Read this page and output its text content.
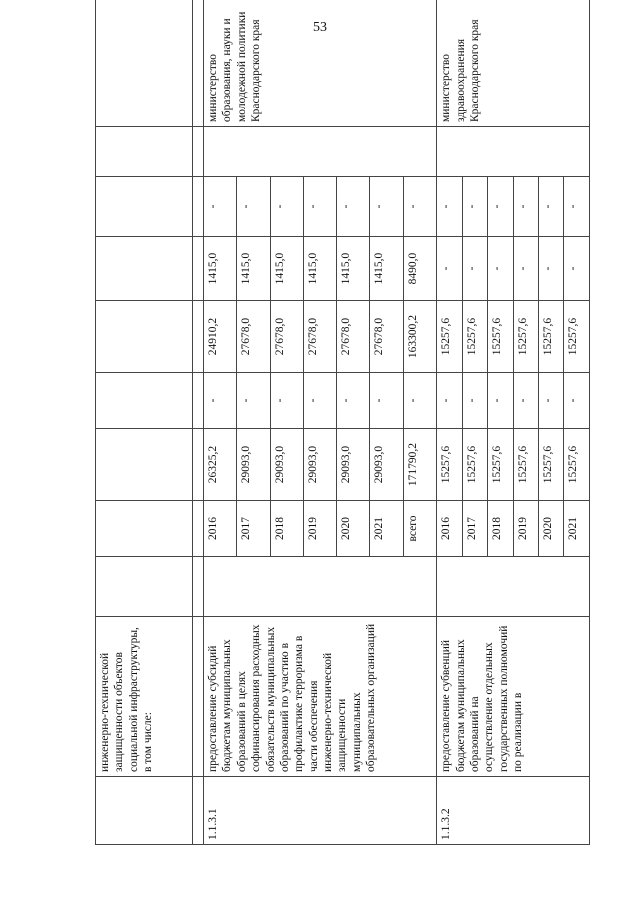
53
	инженерно-технической защищенности объектов социальной инфраструктуры, в том числе:									

1.1.3.1	предоставление субсидий бюджетам муниципальных образований в целях софинансирования расходных обязательств муниципальных образований по участию в профилактике терроризма в части обеспечения инженерно-технической защищенности муниципальных образовательных организаций		2016	26325,2	-	24910,2	1415,0	-		министерство образования, науки и молодежной политики Краснодарского края
			2017	29093,0	-	27678,0	1415,0	-		
			2018	29093,0	-	27678,0	1415,0	-		
			2019	29093,0	-	27678,0	1415,0	-		
			2020	29093,0	-	27678,0	1415,0	-		
			2021	29093,0	-	27678,0	1415,0	-		
			всего	171790,2	-	163300,2	8490,0	-		
1.1.3.2	предоставление субвенций бюджетам муниципальных образований на осуществление отдельных государственных полномочий по реализации в		2016	15257,6	-	15257,6	-	-		министерство здравоохранения Краснодарского края
			2017	15257,6	-	15257,6	-	-		
			2018	15257,6	-	15257,6	-	-		
			2019	15257,6	-	15257,6	-	-		
			2020	15257,6	-	15257,6	-	-		
			2021	15257,6	-	15257,6	-	-		
